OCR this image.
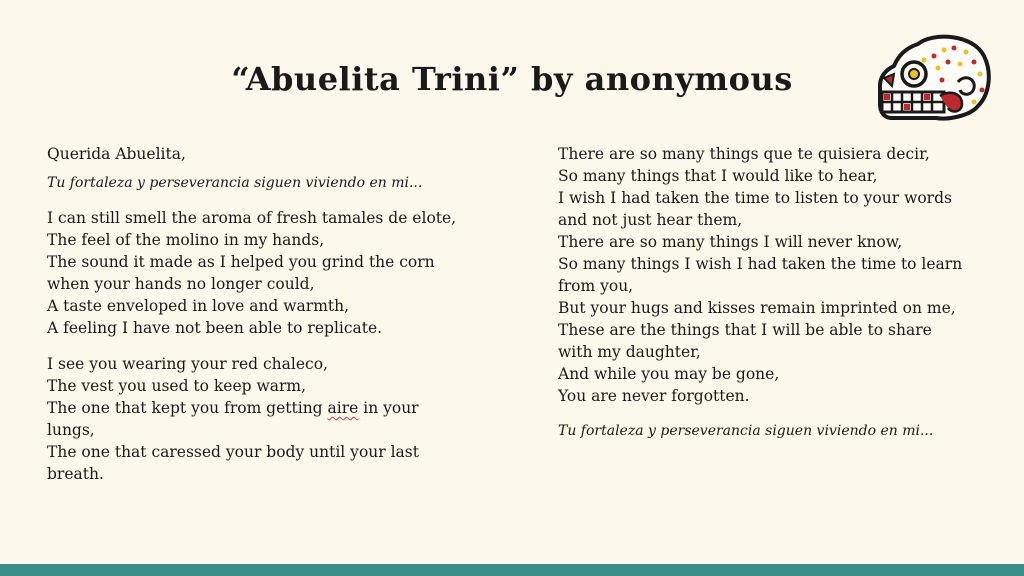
“Abuelita Trini” by anonymous
Querida Abuelita,
Tu fortaleza y perseverancia siguen viviendo en mi...
I can still smell the aroma of fresh tamales de elote,
The feel of the molino in my hands,
The sound it made as I helped you grind the corn
when your hands no longer could,
A taste enveloped in love and warmth,
A feeling I have not been able to replicate.
I see you wearing your red chaleco,
The vest you used to keep warm,
The one that kept you from getting aire in your
lungs,
The one that caressed your body until your last
breath.
There are so many things que te quisiera decir,
So many things that I would like to hear,
I wish I had taken the time to listen to your words
and not just hear them,
There are so many things I will never know,
So many things I wish I had taken the time to learn
from you,
But your hugs and kisses remain imprinted on me,
These are the things that I will be able to share
with my daughter,
And while you may be gone,
You are never forgotten.
Tu fortaleza y perseverancia siguen viviendo en mi...
